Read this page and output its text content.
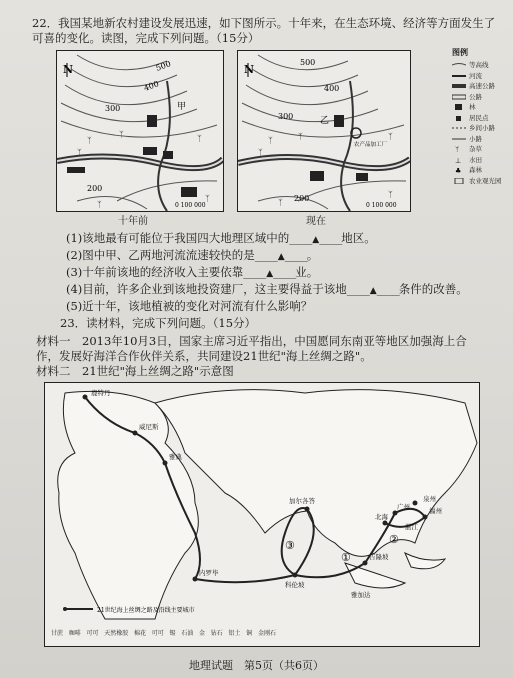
22．我国某地新农村建设发展迅速，如下图所示。十年来，在生态环境、经济等方面发生了
可喜的变化。读图，完成下列问题。（15分）
N	500
400
300
200
甲
ᛉ
ᛉ	ᛉ
ᛉ
ᛉ
ᛉ	0 100 000
十年前
N
500
400
300
200
乙
农产品加工厂
ᛉ	ᛉ	ᛉ
ᛉ
ᛉ
ᛉ	0 100 000
现在
图例
等高线
河流
高速公路
公路
林
居民点
乡间小路
小路
ᛉ 杂草
⊥ 水田
♣ 森林
农业观光园
(1)该地最有可能位于我国四大地理区域中的____▲____地区。
(2)图中甲、乙两地河流流速较快的是____▲____。
(3)十年前该地的经济收入主要依靠____▲____业。
(4)目前，许多企业到该地投资建厂，这主要得益于该地____▲____条件的改善。
(5)近十年，该地植被的变化对河流有什么影响？
23．读材料，完成下列问题。（15分）
材料一　2013年10月3日，国家主席习近平指出，中国愿同东南亚等地区加强海上合
作，发展好海洋合作伙伴关系，共同建设21世纪"海上丝绸之路"。
材料二　21世纪"海上丝绸之路"示意图
鹿特丹
威尼斯
雅典
内罗毕
加尔各答
科伦坡
吉隆坡
雅加达
北海
广州
泉州
福州
湛江
①
②
③
21世纪海上丝绸之路及沿线主要城市
甘蔗 咖啡 可可 天然橡胶 棉花 可可 锡 石油 金 钻石 铝土 铜 金刚石
地理试题　第5页（共6页）
